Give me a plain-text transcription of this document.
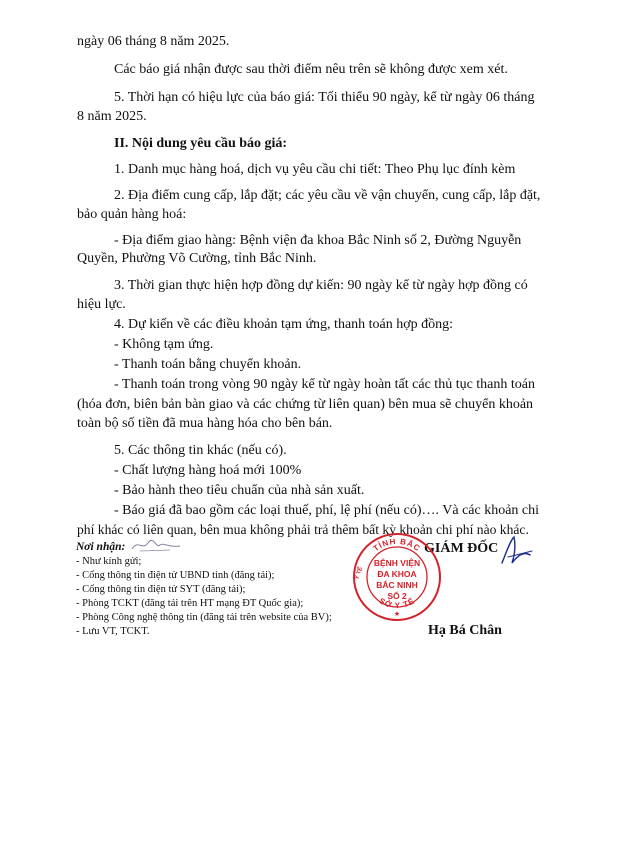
ngày 06 tháng 8 năm 2025.
Các báo giá nhận được sau thời điểm nêu trên sẽ không được xem xét.
5. Thời hạn có hiệu lực của báo giá: Tối thiểu 90 ngày, kể từ ngày 06 tháng
8 năm 2025.
II. Nội dung yêu cầu báo giá:
1. Danh mục hàng hoá, dịch vụ yêu cầu chi tiết: Theo Phụ lục đính kèm
2. Địa điểm cung cấp, lắp đặt; các yêu cầu về vận chuyển, cung cấp, lắp đặt,
bảo quản hàng hoá:
- Địa điểm giao hàng: Bệnh viện đa khoa Bắc Ninh số 2, Đường Nguyễn
Quyền, Phường Võ Cường, tỉnh Bắc Ninh.
3. Thời gian thực hiện hợp đồng dự kiến: 90 ngày kể từ ngày hợp đồng có
hiệu lực.
4. Dự kiến về các điều khoản tạm ứng, thanh toán hợp đồng:
- Không tạm ứng.
- Thanh toán bằng chuyển khoản.
- Thanh toán trong vòng 90 ngày kể từ ngày hoàn tất các thủ tục thanh toán
(hóa đơn, biên bản bàn giao và các chứng từ liên quan) bên mua sẽ chuyển khoản
toàn bộ số tiền đã mua hàng hóa cho bên bán.
5. Các thông tin khác (nếu có).
- Chất lượng hàng hoá mới 100%
- Bảo hành theo tiêu chuẩn của nhà sản xuất.
- Báo giá đã bao gồm các loại thuế, phí, lệ phí (nếu có)…. Và các khoản chi
phí khác có liên quan, bên mua không phải trả thêm bất kỳ khoản chi phí nào khác.
Nơi nhận:
- Như kính gửi;
- Cổng thông tin điện tử UBND tỉnh (đăng tải);
- Cổng thông tin điện tử SYT (đăng tải);
- Phòng TCKT (đăng tải trên HT mạng ĐT Quốc gia);
- Phòng Công nghệ thông tin (đăng tải trên website của BV);
- Lưu VT, TCKT.
GIÁM ĐỐC
TỈNH BẮC
SỞ Y TẾ
Y TẾ
BỆNH VIỆN
ĐA KHOA
BẮC NINH
SỐ 2
★
Hạ Bá Chân
